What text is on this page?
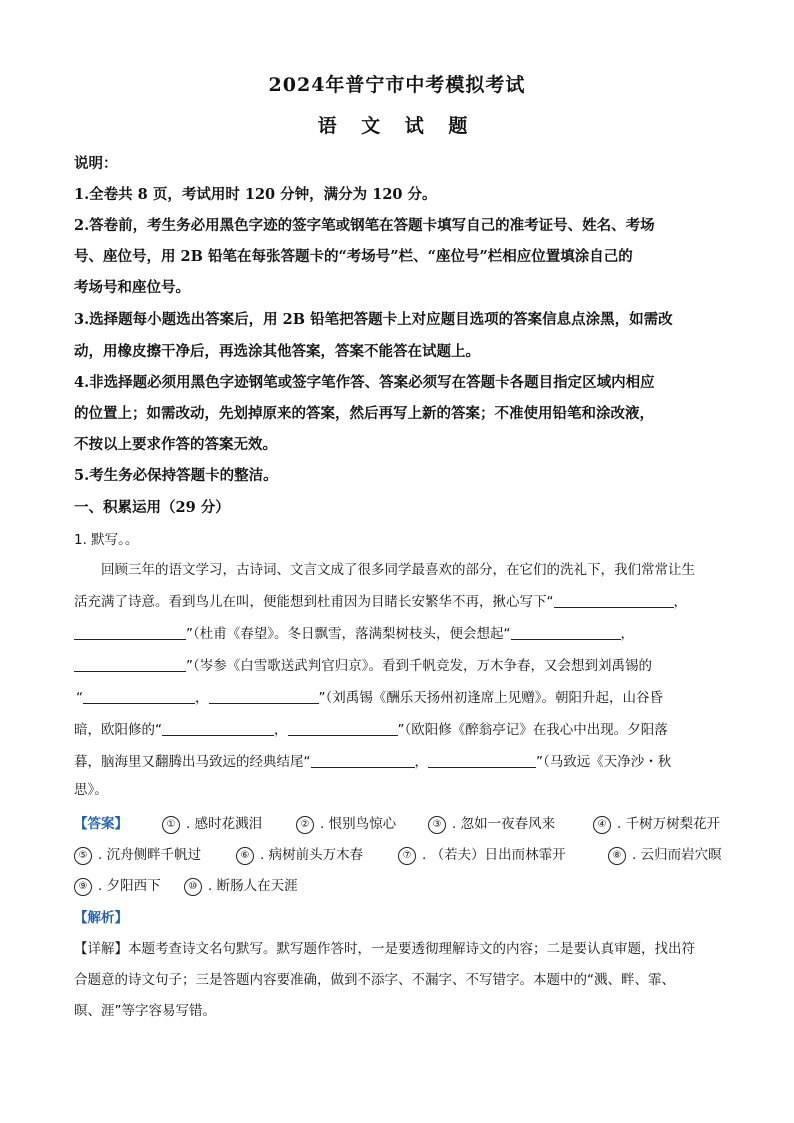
2024年普宁市中考模拟考试
语 文 试 题
说明：
1.全卷共 8 页，考试用时 120 分钟，满分为 120 分。
2.答卷前，考生务必用黑色字迹的签字笔或钢笔在答题卡填写自己的准考证号、姓名、考场
号、座位号，用 2B 铅笔在每张答题卡的“考场号”栏、“座位号”栏相应位置填涂自己的
考场号和座位号。
3.选择题每小题选出答案后，用 2B 铅笔把答题卡上对应题目选项的答案信息点涂黑，如需改
动，用橡皮擦干净后，再选涂其他答案，答案不能答在试题上。
4.非选择题必须用黑色字迹钢笔或签字笔作答、答案必须写在答题卡各题目指定区域内相应
的位置上；如需改动，先划掉原来的答案，然后再写上新的答案；不准使用铅笔和涂改液，
不按以上要求作答的答案无效。
5.考生务必保持答题卡的整洁。
一、积累运用（29 分）
1. 默写。。
回顾三年的语文学习，古诗词、文言文成了很多同学最喜欢的部分，在它们的洗礼下，我们常常让生
活充满了诗意。看到鸟儿在叫，便能想到杜甫因为目睹长安繁华不再，揪心写下“	，
”（杜甫《春望》。冬日飘雪，落满梨树枝头，便会想起“	，
”（岑参《白雪歌送武判官归京》。看到千帆竞发，万木争春，又会想到刘禹锡的
“	，	”（刘禹锡《酬乐天扬州初逢席上见赠》。朝阳升起，山谷昏
暗，欧阳修的“	，	”（欧阳修《醉翁亭记》在我心中出现。夕阳落
暮，脑海里又翻腾出马致远的经典结尾“	，	”（马致远《天净沙・秋
思》。
【答案】	① . 感时花溅泪	② . 恨别鸟惊心	③ . 忽如一夜春风来	④ . 千树万树梨花开
⑤ . 沉舟侧畔千帆过	⑥ . 病树前头万木春	⑦ . （若夫）日出而林霏开	⑧ . 云归而岩穴暝
⑨ . 夕阳西下	⑩ . 断肠人在天涯
【解析】
【详解】本题考查诗文名句默写。默写题作答时，一是要透彻理解诗文的内容；二是要认真审题，找出符
合题意的诗文句子；三是答题内容要准确，做到不添字、不漏字、不写错字。本题中的“溅、畔、霏、
暝、涯”等字容易写错。
